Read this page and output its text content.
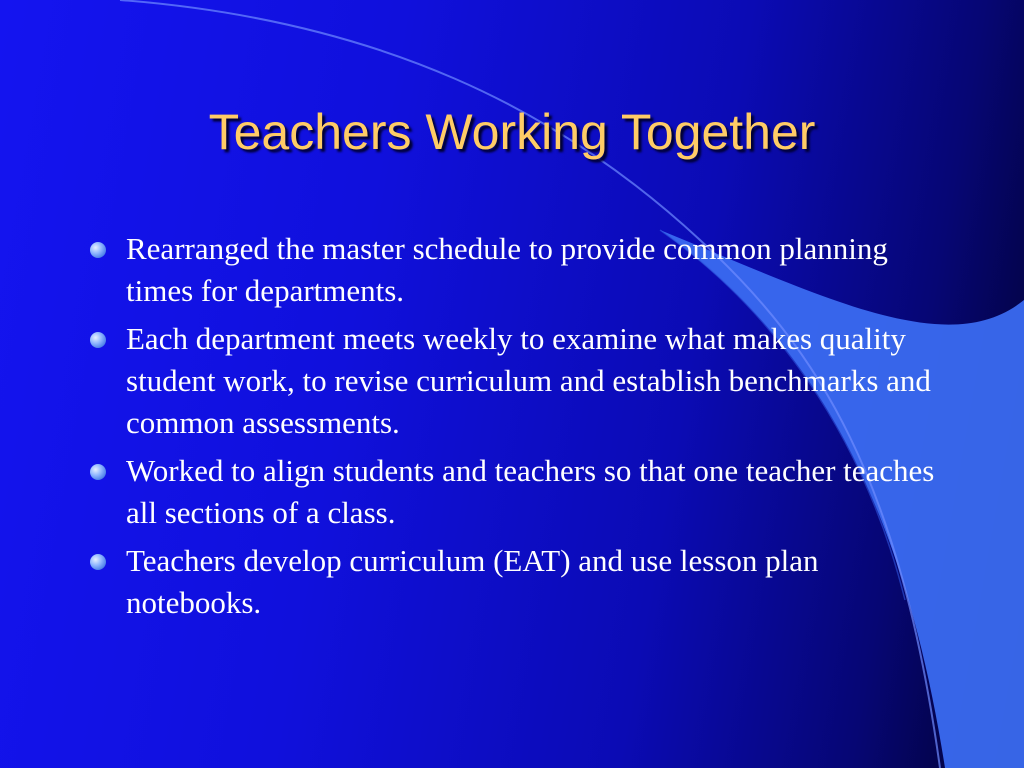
Teachers Working Together
Rearranged the master schedule to provide common planning times for departments.
Each department meets weekly to examine what makes quality student work, to revise curriculum and establish benchmarks and common assessments.
Worked to align students and teachers so that one teacher teaches all sections of a class.
Teachers develop curriculum (EAT) and use lesson plan notebooks.
